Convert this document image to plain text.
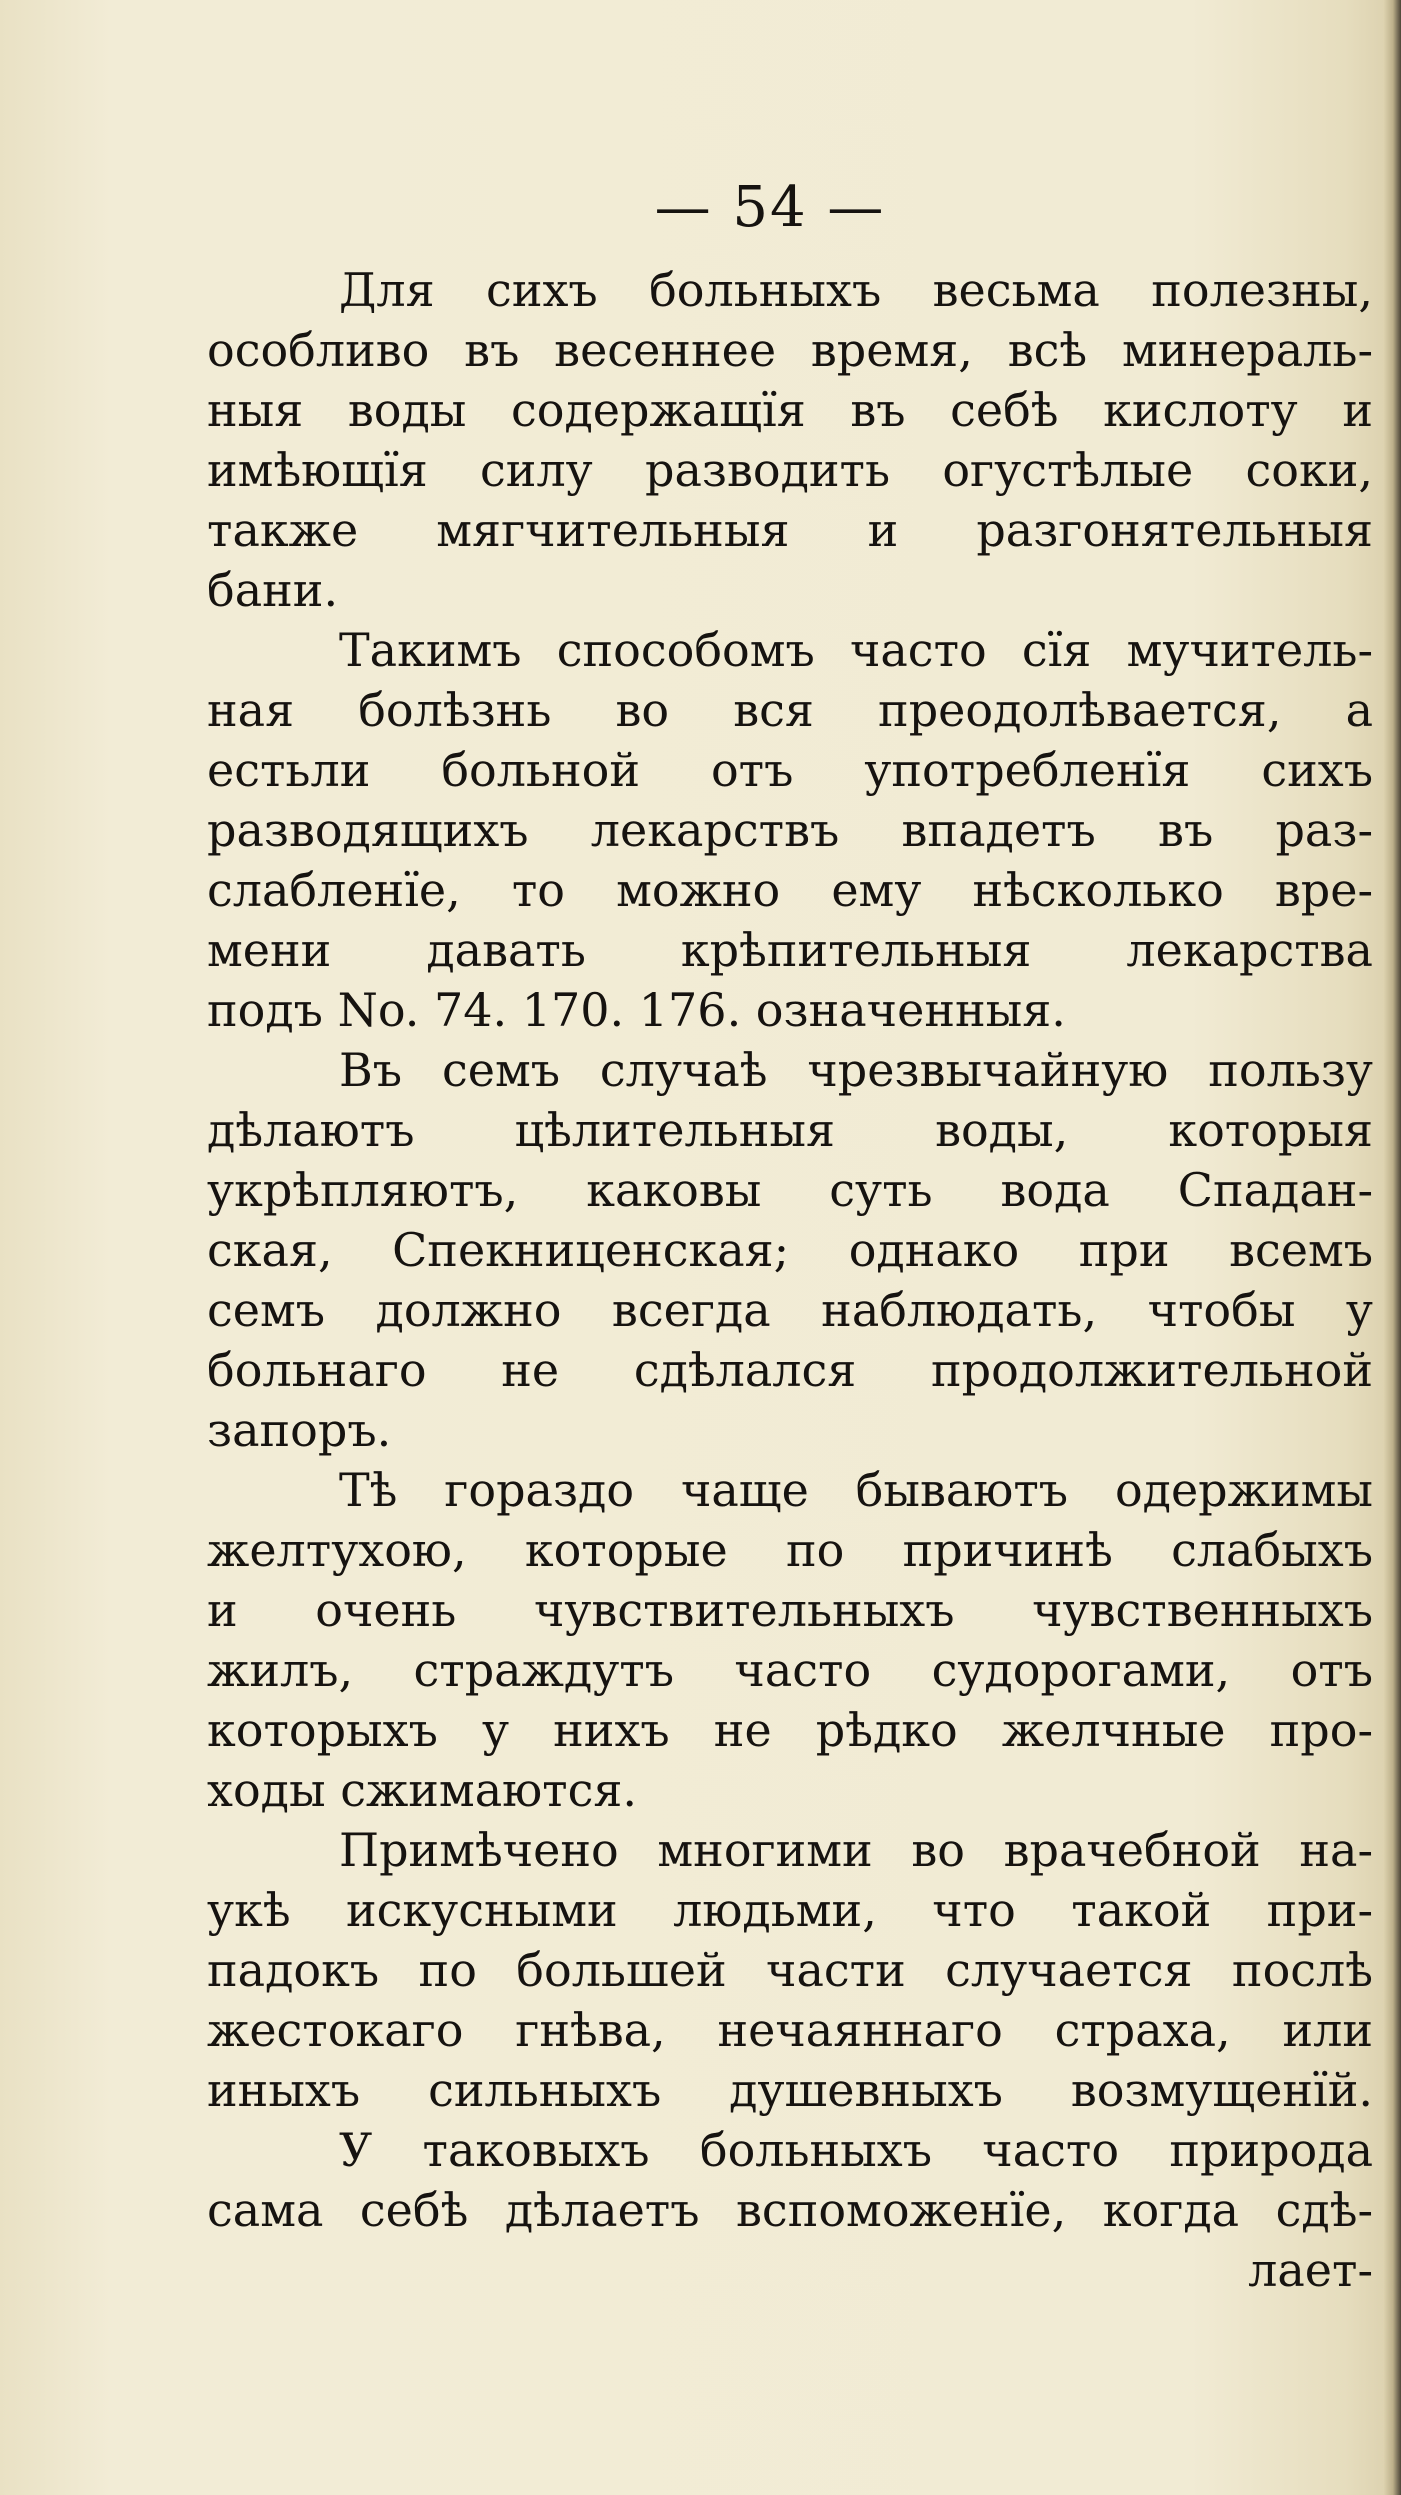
— 54 —
Для сихъ больныхъ весьма полезны,
особливо въ весеннее время, всѣ минераль-
ныя воды содержащїя въ себѣ кислоту и
имѣющїя силу разводить огустѣлые соки,
также мягчительныя и разгонятельныя
бани.
Такимъ способомъ часто сїя мучитель-
ная болѣзнь во вся преодолѣвается, а
естьли больной отъ употребленїя сихъ
разводящихъ лекарствъ впадетъ въ раз-
слабленїе, то можно ему нѣсколько вре-
мени давать крѣпительныя лекарства
подъ No. 74. 170. 176. означенныя.
Въ семъ случаѣ чрезвычайную пользу
дѣлаютъ цѣлительныя воды, которыя
укрѣпляютъ, каковы суть вода Спадан-
ская, Спекниценская; однако при всемъ
семъ должно всегда наблюдать, чтобы у
больнаго не сдѣлался продолжительной
запоръ.
Тѣ гораздо чаще бываютъ одержимы
желтухою, которые по причинѣ слабыхъ
и очень чувствительныхъ чувственныхъ
жилъ, страждутъ часто судорогами, отъ
которыхъ у нихъ не рѣдко желчные про-
ходы сжимаются.
Примѣчено многими во врачебной на-
укѣ искусными людьми, что такой при-
падокъ по большей части случается послѣ
жестокаго гнѣва, нечаяннаго страха, или
иныхъ сильныхъ душевныхъ возмущенїй.
У таковыхъ больныхъ часто природа
сама себѣ дѣлаетъ вспоможенїе, когда сдѣ-
лает-
